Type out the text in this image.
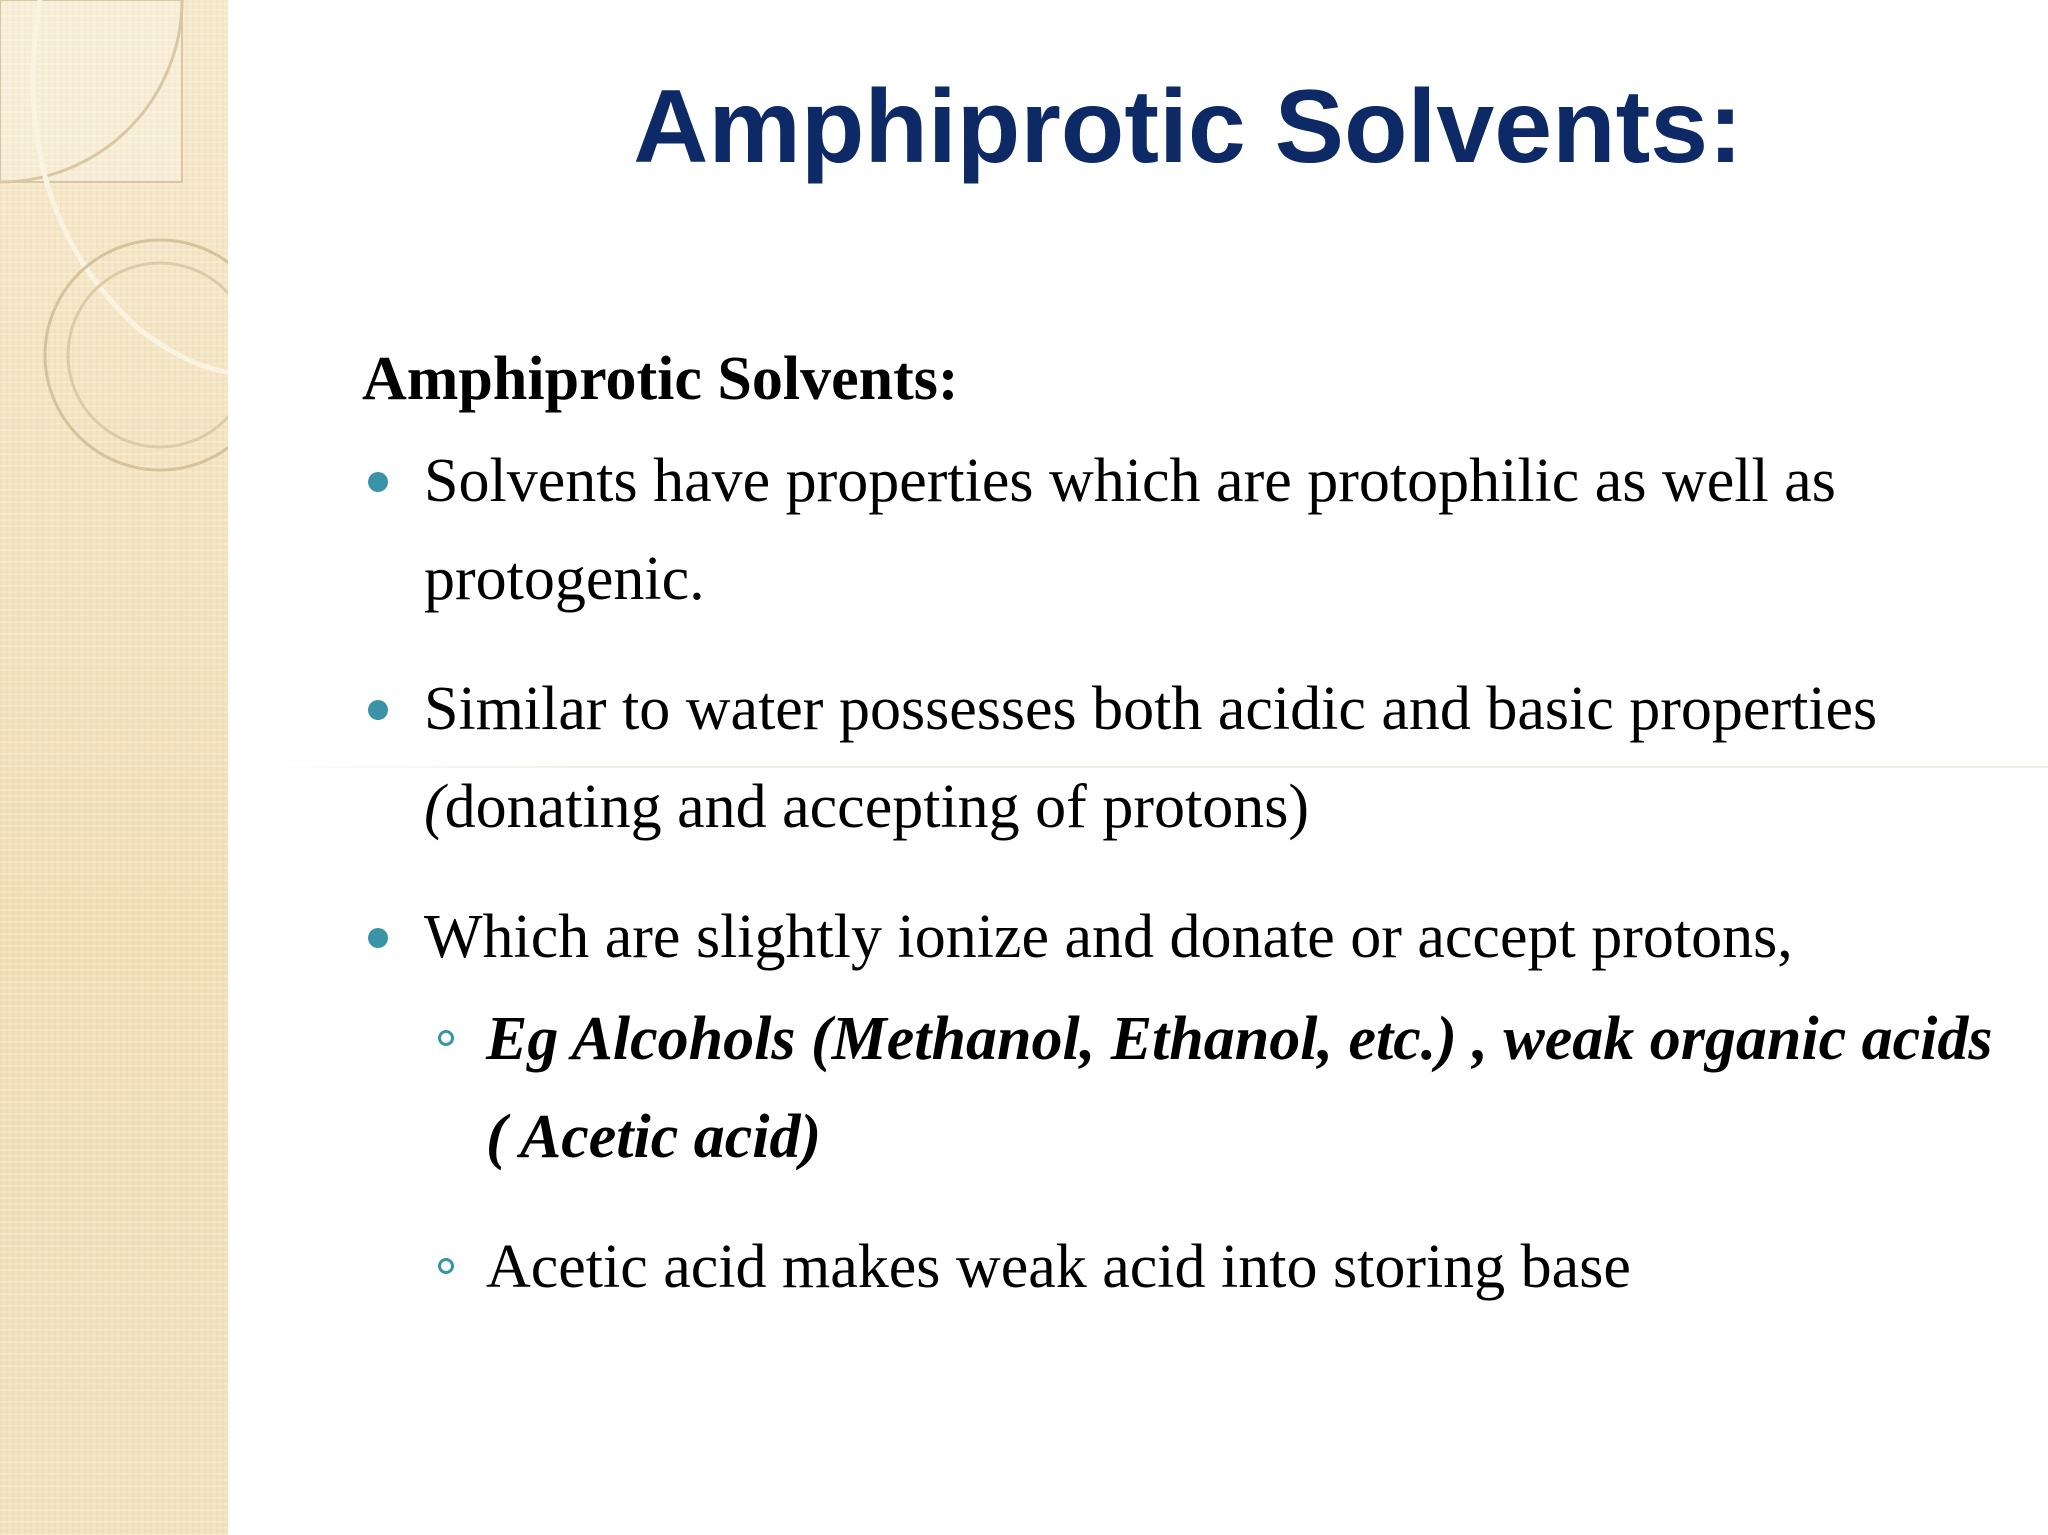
Amphiprotic Solvents:

Amphiprotic Solvents:

Solvents have properties which are protophilic as well as protogenic.
Similar to water possesses both acidic and basic properties (donating and accepting of protons)
Which are slightly ionize and donate or accept protons,
Eg Alcohols (Methanol, Ethanol, etc.) , weak organic acids ( Acetic acid)
Acetic acid makes weak acid into storing base
